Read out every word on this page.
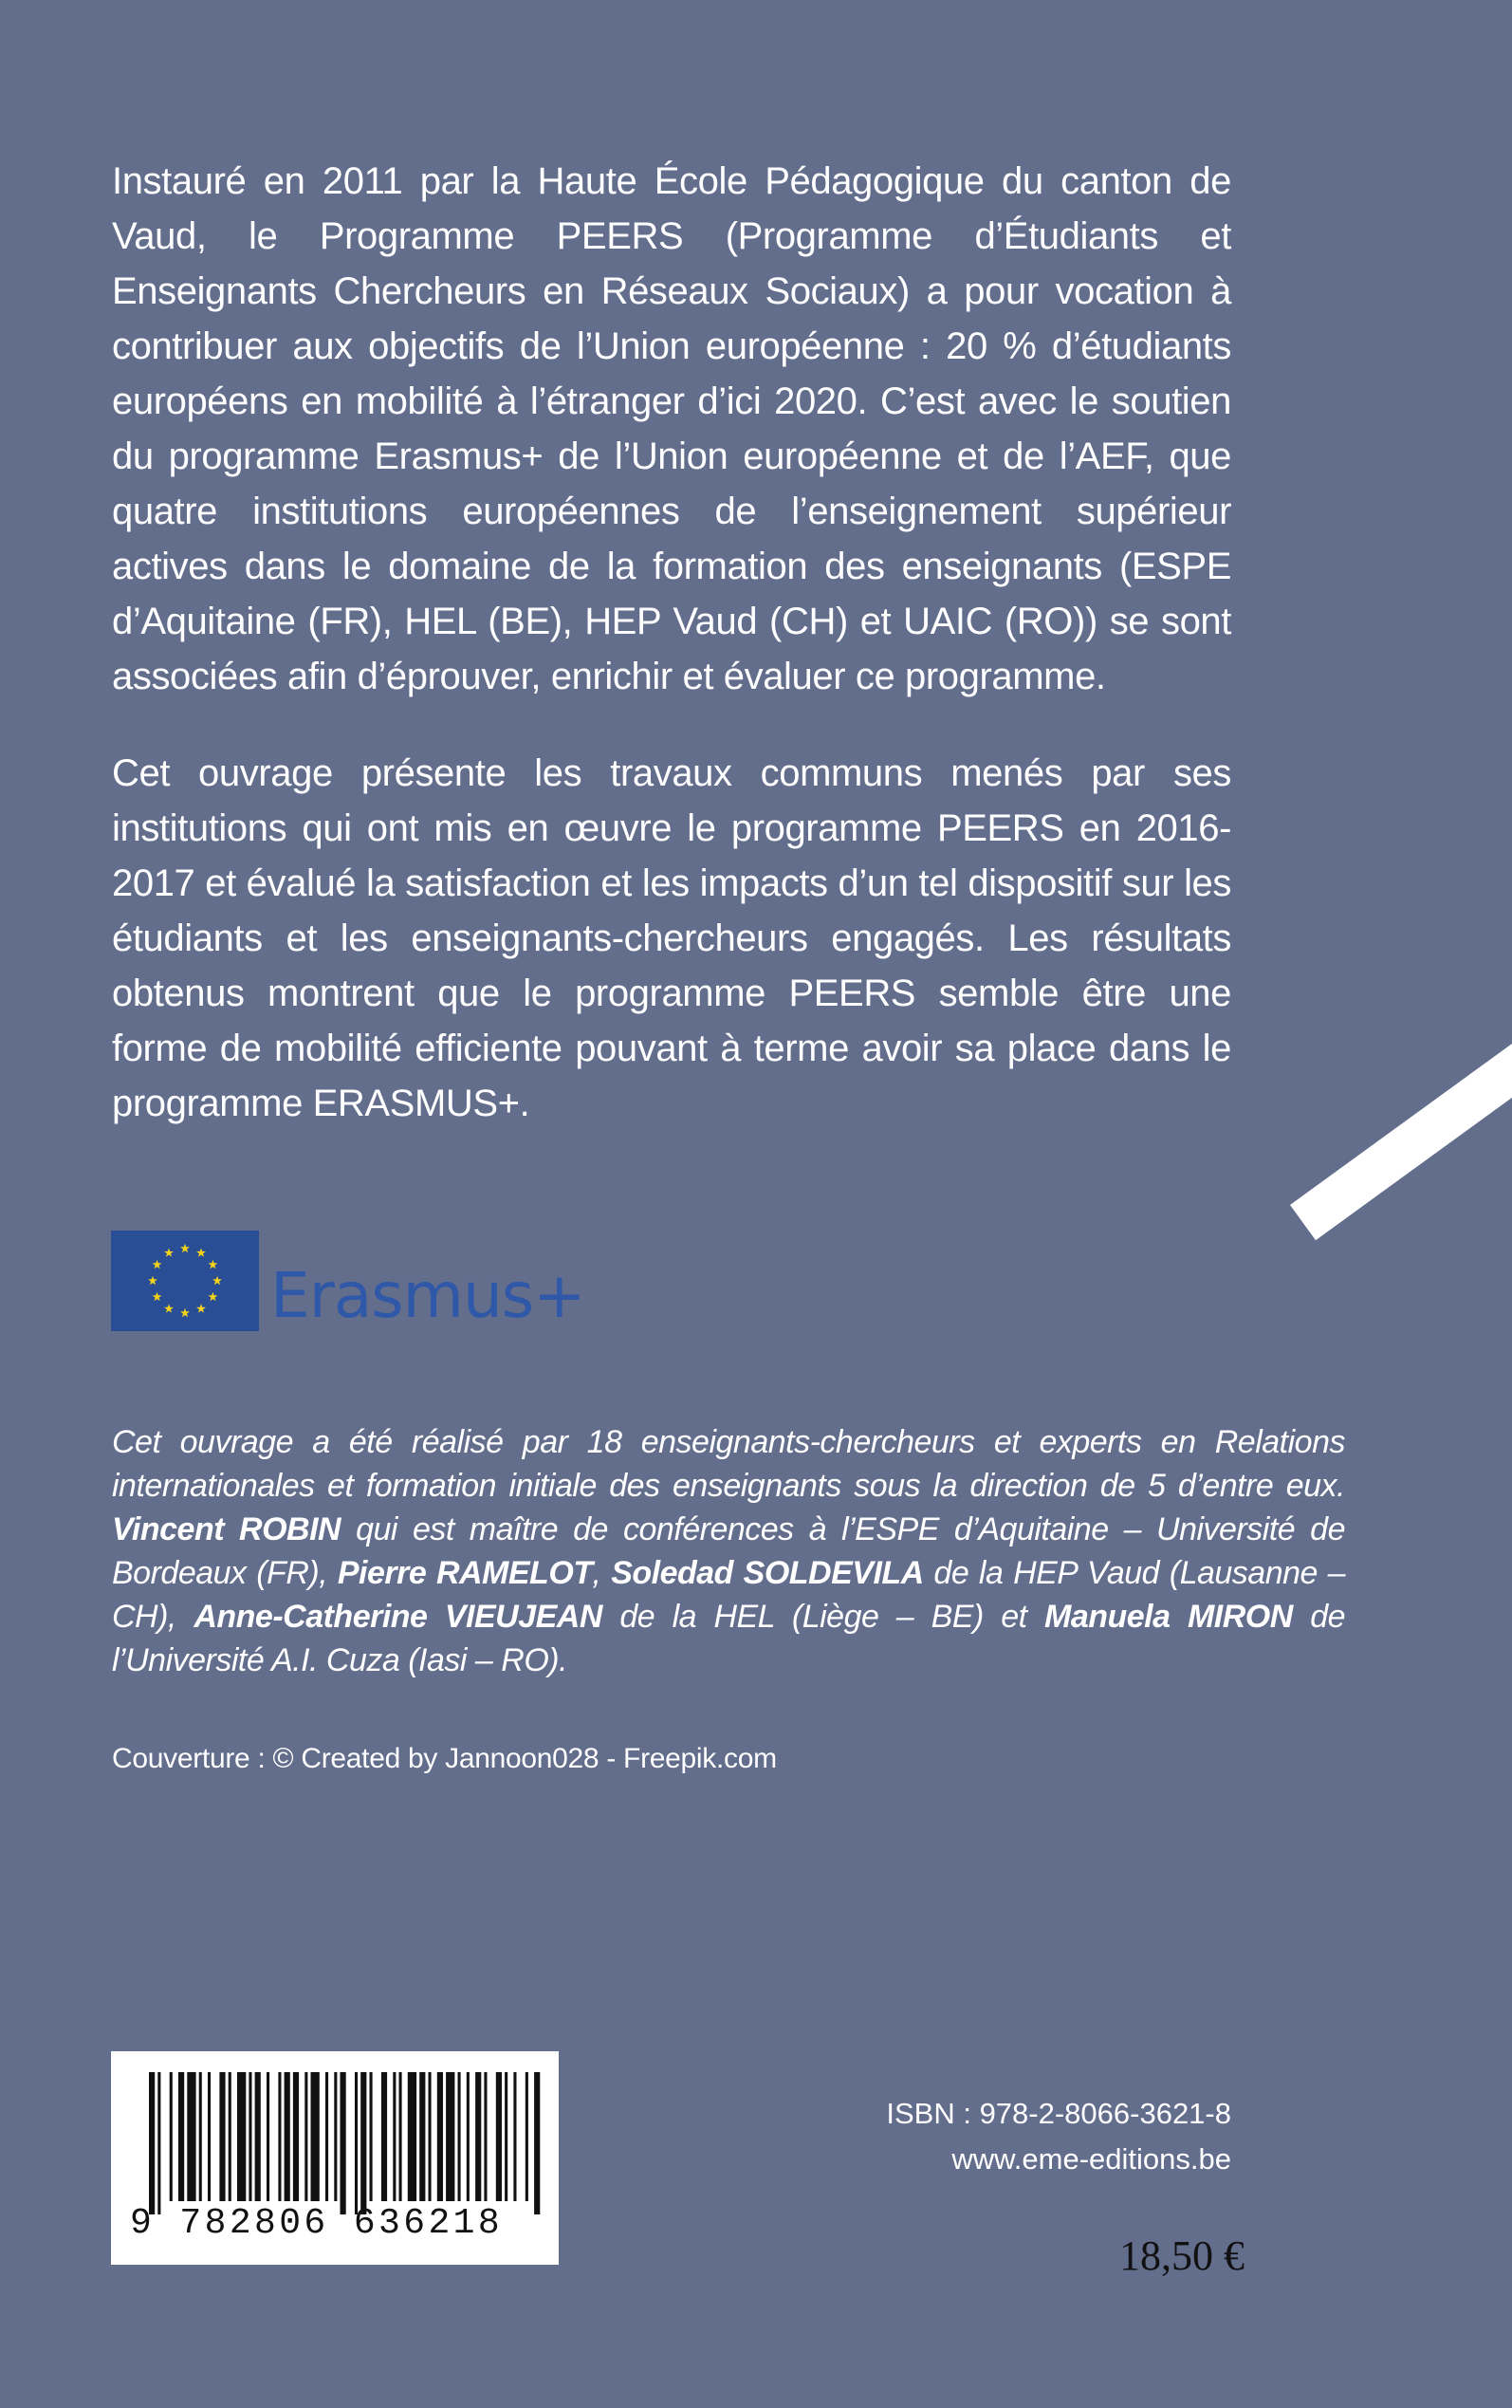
Instauré en 2011 par la Haute École Pédagogique du canton de Vaud, le Programme PEERS (Programme d’Étudiants et Enseignants Chercheurs en Réseaux Sociaux) a pour vocation à contribuer aux objectifs de l’Union européenne : 20 % d’étudiants européens en mobilité à l’étranger d’ici 2020. C’est avec le soutien du programme Erasmus+ de l’Union européenne et de l’AEF, que quatre institutions européennes de l’enseignement supérieur actives dans le domaine de la formation des enseignants (ESPE d’Aquitaine (FR), HEL (BE), HEP Vaud (CH) et UAIC (RO)) se sont associées afin d’éprouver, enrichir et évaluer ce programme.

Cet ouvrage présente les travaux communs menés par ses institutions qui ont mis en œuvre le programme PEERS en 2016-2017 et évalué la satisfaction et les impacts d’un tel dispositif sur les étudiants et les enseignants-chercheurs engagés. Les résultats obtenus montrent que le programme PEERS semble être une forme de mobilité efficiente pouvant à terme avoir sa place dans le programme ERASMUS+.

Erasmus+
Cet ouvrage a été réalisé par 18 enseignants-chercheurs et experts en Relations internationales et formation initiale des enseignants sous la direction de 5 d’entre eux. Vincent ROBIN qui est maître de conférences à l’ESPE d’Aquitaine – Université de Bordeaux (FR), Pierre RAMELOT, Soledad SOLDEVILA de la HEP Vaud (Lausanne – CH), Anne-Catherine VIEUJEAN de la HEL (Liège – BE) et Manuela MIRON de l’Université A.I. Cuza (Iasi – RO).
Couverture : © Created by Jannoon028 - Freepik.com
9 782806 636218
ISBN : 978-2-8066-3621-8
www.eme-editions.be
18,50 €
